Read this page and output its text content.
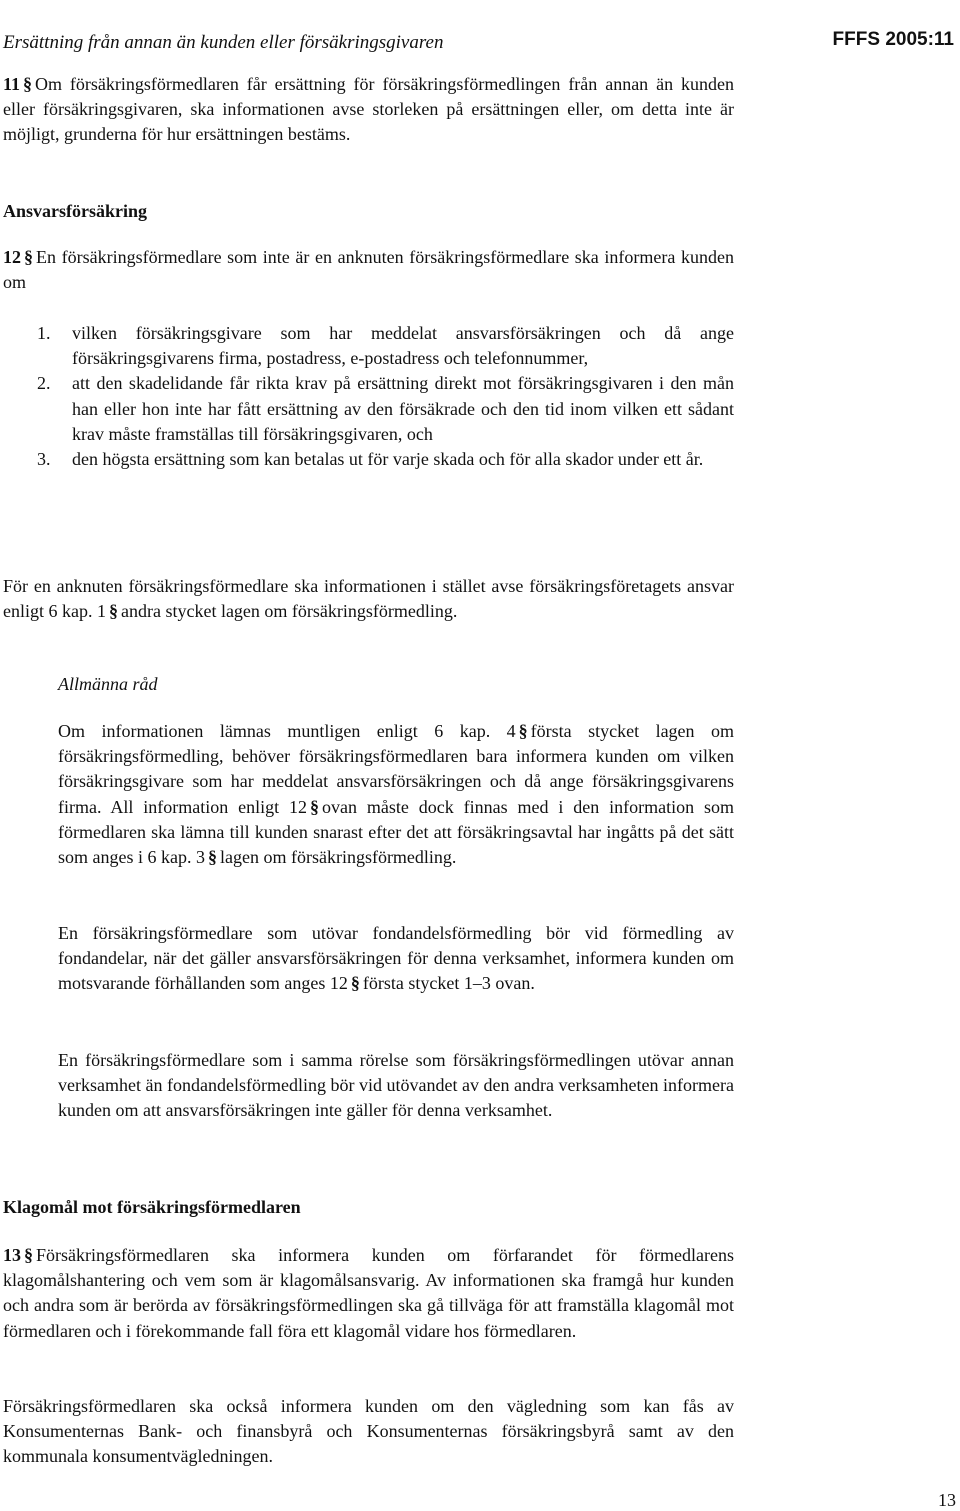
Ersättning från annan än kunden eller försäkringsgivaren	FFFS 2005:11
11 § Om försäkringsförmedlaren får ersättning för försäkringsförmedlingen från annan än kunden eller försäkringsgivaren, ska informationen avse storleken på ersättningen eller, om detta inte är möjligt, grunderna för hur ersättningen bestäms.
Ansvarsförsäkring
12 § En försäkringsförmedlare som inte är en anknuten försäkringsförmedlare ska informera kunden om
1.	vilken försäkringsgivare som har meddelat ansvarsförsäkringen och då ange försäkringsgivarens firma, postadress, e-postadress och telefonnummer,
2.	att den skadelidande får rikta krav på ersättning direkt mot försäkringsgivaren i den mån han eller hon inte har fått ersättning av den försäkrade och den tid inom vilken ett sådant krav måste framställas till försäkringsgivaren, och
3.	den högsta ersättning som kan betalas ut för varje skada och för alla skador under ett år.
För en anknuten försäkringsförmedlare ska informationen i stället avse försäkringsföretagets ansvar enligt 6 kap. 1 § andra stycket lagen om försäkringsförmedling.
Allmänna råd
Om informationen lämnas muntligen enligt 6 kap. 4 § första stycket lagen om försäkringsförmedling, behöver försäkringsförmedlaren bara informera kunden om vilken försäkringsgivare som har meddelat ansvarsförsäkringen och då ange försäkringsgivarens firma. All information enligt 12 § ovan måste dock finnas med i den information som förmedlaren ska lämna till kunden snarast efter det att försäkringsavtal har ingåtts på det sätt som anges i 6 kap. 3 § lagen om försäkringsförmedling.
En försäkringsförmedlare som utövar fondandelsförmedling bör vid förmedling av fondandelar, när det gäller ansvarsförsäkringen för denna verksamhet, informera kunden om motsvarande förhållanden som anges 12 § första stycket 1–3 ovan.
En försäkringsförmedlare som i samma rörelse som försäkringsförmedlingen utövar annan verksamhet än fondandelsförmedling bör vid utövandet av den andra verksamheten informera kunden om att ansvarsförsäkringen inte gäller för denna verksamhet.
Klagomål mot försäkringsförmedlaren
13 § Försäkringsförmedlaren ska informera kunden om förfarandet för förmedlarens klagomålshantering och vem som är klagomålsansvarig. Av informationen ska framgå hur kunden och andra som är berörda av försäkringsförmedlingen ska gå tillväga för att framställa klagomål mot förmedlaren och i förekommande fall föra ett klagomål vidare hos förmedlaren.
Försäkringsförmedlaren ska också informera kunden om den vägledning som kan fås av Konsumenternas Bank- och finansbyrå och Konsumenternas försäkringsbyrå samt av den kommunala konsumentvägledningen.
13
